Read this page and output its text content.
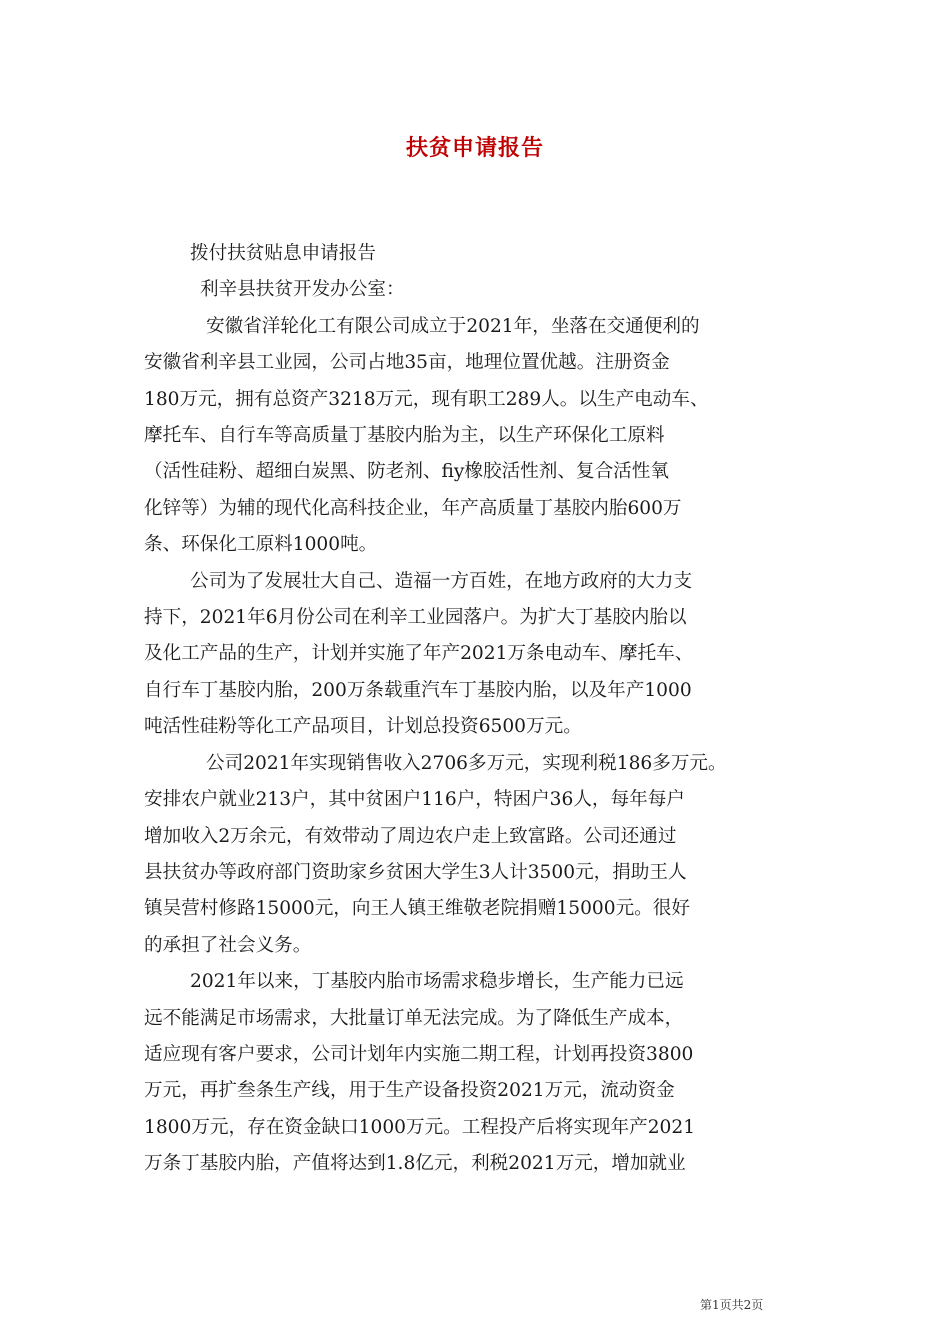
扶贫申请报告

拨付扶贫贴息申请报告

利辛县扶贫开发办公室：

安徽省洋轮化工有限公司成立于2021年，坐落在交通便利的

安徽省利辛县工业园，公司占地35亩，地理位置优越。注册资金

180万元，拥有总资产3218万元，现有职工289人。以生产电动车、

摩托车、自行车等高质量丁基胶内胎为主，以生产环保化工原料

（活性硅粉、超细白炭黑、防老剂、fiy橡胶活性剂、复合活性氧

化锌等）为辅的现代化高科技企业，年产高质量丁基胶内胎600万

条、环保化工原料1000吨。

公司为了发展壮大自己、造福一方百姓，在地方政府的大力支

持下，2021年6月份公司在利辛工业园落户。为扩大丁基胶内胎以

及化工产品的生产，计划并实施了年产2021万条电动车、摩托车、

自行车丁基胶内胎，200万条载重汽车丁基胶内胎，以及年产1000

吨活性硅粉等化工产品项目，计划总投资6500万元。

公司2021年实现销售收入2706多万元，实现利税186多万元。

安排农户就业213户，其中贫困户116户，特困户36人，每年每户

增加收入2万余元，有效带动了周边农户走上致富路。公司还通过

县扶贫办等政府部门资助家乡贫困大学生3人计3500元，捐助王人

镇吴营村修路15000元，向王人镇王维敬老院捐赠15000元。很好

的承担了社会义务。

2021年以来，丁基胶内胎市场需求稳步增长，生产能力已远

远不能满足市场需求，大批量订单无法完成。为了降低生产成本，

适应现有客户要求，公司计划年内实施二期工程，计划再投资3800

万元，再扩叁条生产线，用于生产设备投资2021万元，流动资金

1800万元，存在资金缺口1000万元。工程投产后将实现年产2021

万条丁基胶内胎，产值将达到1.8亿元，利税2021万元，增加就业

第1页共2页
